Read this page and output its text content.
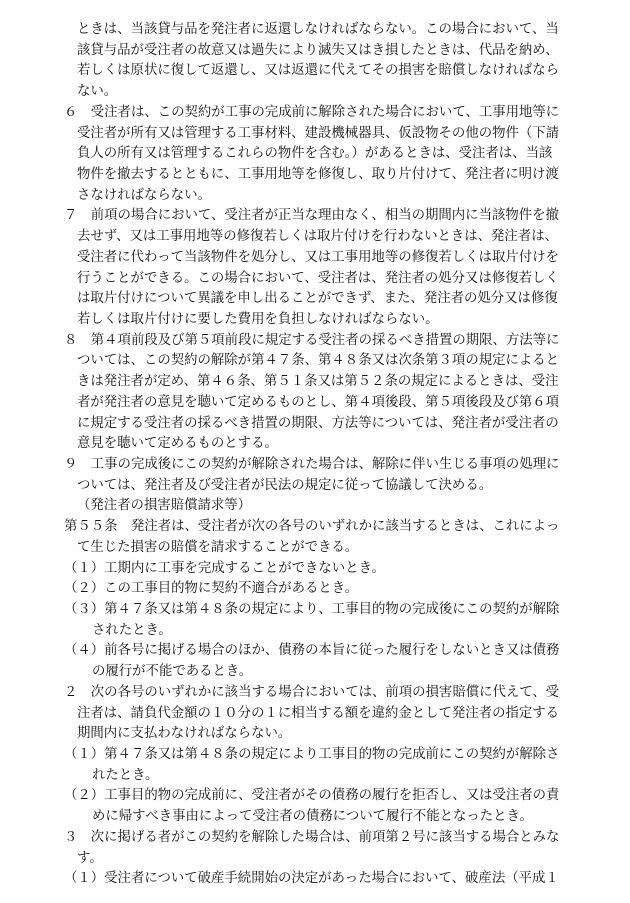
ときは、当該貸与品を発注者に返還しなければならない。この場合において、当
該貸与品が受注者の故意又は過失により滅失又はき損したときは、代品を納め、
若しくは原状に復して返還し、又は返還に代えてその損害を賠償しなければなら
ない。
６　受注者は、この契約が工事の完成前に解除された場合において、工事用地等に
受注者が所有又は管理する工事材料、建設機械器具、仮設物その他の物件（下請
負人の所有又は管理するこれらの物件を含む。）があるときは、受注者は、当該
物件を撤去するとともに、工事用地等を修復し、取り片付けて、発注者に明け渡
さなければならない。
７　前項の場合において、受注者が正当な理由なく、相当の期間内に当該物件を撤
去せず、又は工事用地等の修復若しくは取片付けを行わないときは、発注者は、
受注者に代わって当該物件を処分し、又は工事用地等の修復若しくは取片付けを
行うことができる。この場合において、受注者は、発注者の処分又は修復若しく
は取片付けについて異議を申し出ることができず、また、発注者の処分又は修復
若しくは取片付けに要した費用を負担しなければならない。
８　第４項前段及び第５項前段に規定する受注者の採るべき措置の期限、方法等に
ついては、この契約の解除が第４７条、第４８条又は次条第３項の規定によると
きは発注者が定め、第４６条、第５１条又は第５２条の規定によるときは、受注
者が発注者の意見を聴いて定めるものとし、第４項後段、第５項後段及び第６項
に規定する受注者の採るべき措置の期限、方法等については、発注者が受注者の
意見を聴いて定めるものとする。
９　工事の完成後にこの契約が解除された場合は、解除に伴い生じる事項の処理に
ついては、発注者及び受注者が民法の規定に従って協議して決める。
（発注者の損害賠償請求等）
第５５条　発注者は、受注者が次の各号のいずれかに該当するときは、これによっ
て生じた損害の賠償を請求することができる。
（１）工期内に工事を完成することができないとき。
（２）この工事目的物に契約不適合があるとき。
（３）第４７条又は第４８条の規定により、工事目的物の完成後にこの契約が解除
されたとき。
（４）前各号に掲げる場合のほか、債務の本旨に従った履行をしないとき又は債務
の履行が不能であるとき。
２　次の各号のいずれかに該当する場合においては、前項の損害賠償に代えて、受
注者は、請負代金額の１０分の１に相当する額を違約金として発注者の指定する
期間内に支払わなければならない。
（１）第４７条又は第４８条の規定により工事目的物の完成前にこの契約が解除さ
れたとき。
（２）工事目的物の完成前に、受注者がその債務の履行を拒否し、又は受注者の責
めに帰すべき事由によって受注者の債務について履行不能となったとき。
３　次に掲げる者がこの契約を解除した場合は、前項第２号に該当する場合とみな
す。
（１）受注者について破産手続開始の決定があった場合において、破産法（平成１
